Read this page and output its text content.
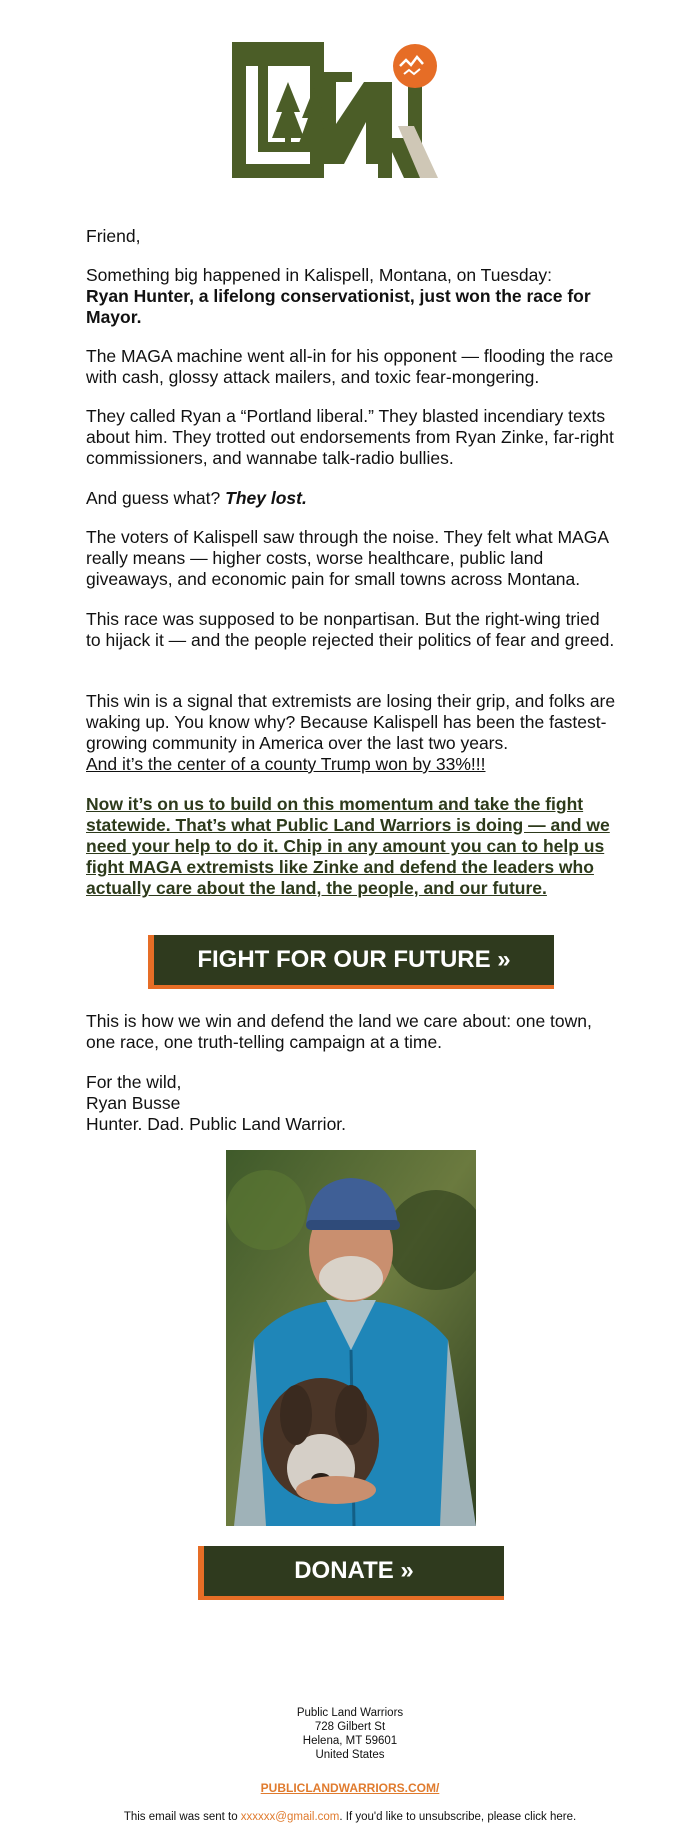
Friend,

Something big happened in Kalispell, Montana, on Tuesday:

Ryan Hunter, a lifelong conservationist, just won the race for Mayor.

The MAGA machine went all-in for his opponent — flooding the race with cash, glossy attack mailers, and toxic fear-mongering.

They called Ryan a “Portland liberal.” They blasted incendiary texts about him. They trotted out endorsements from Ryan Zinke, far-right commissioners, and wannabe talk-radio bullies.

And guess what? They lost.

The voters of Kalispell saw through the noise. They felt what MAGA really means — higher costs, worse healthcare, public land giveaways, and economic pain for small towns across Montana.

This race was supposed to be nonpartisan. But the right-wing tried to hijack it — and the people rejected their politics of fear and greed.

This win is a signal that extremists are losing their grip, and folks are waking up. You know why? Because Kalispell has been the fastest-growing community in America over the last two years.

And it’s the center of a county Trump won by 33%!!!

Now it’s on us to build on this momentum and take the fight statewide. That’s what Public Land Warriors is doing — and we need your help to do it. Chip in any amount you can to help us fight MAGA extremists like Zinke and defend the leaders who actually care about the land, the people, and our future.

FIGHT FOR OUR FUTURE »

This is how we win and defend the land we care about: one town, one race, one truth-telling campaign at a time.

For the wild,

Ryan Busse

Hunter. Dad. Public Land Warrior.

DONATE »
Public Land Warriors
728 Gilbert St
Helena, MT 59601
United States
PUBLICLANDWARRIORS.COM/
This email was sent to xxxxxx@gmail.com. If you'd like to unsubscribe, please click here.
